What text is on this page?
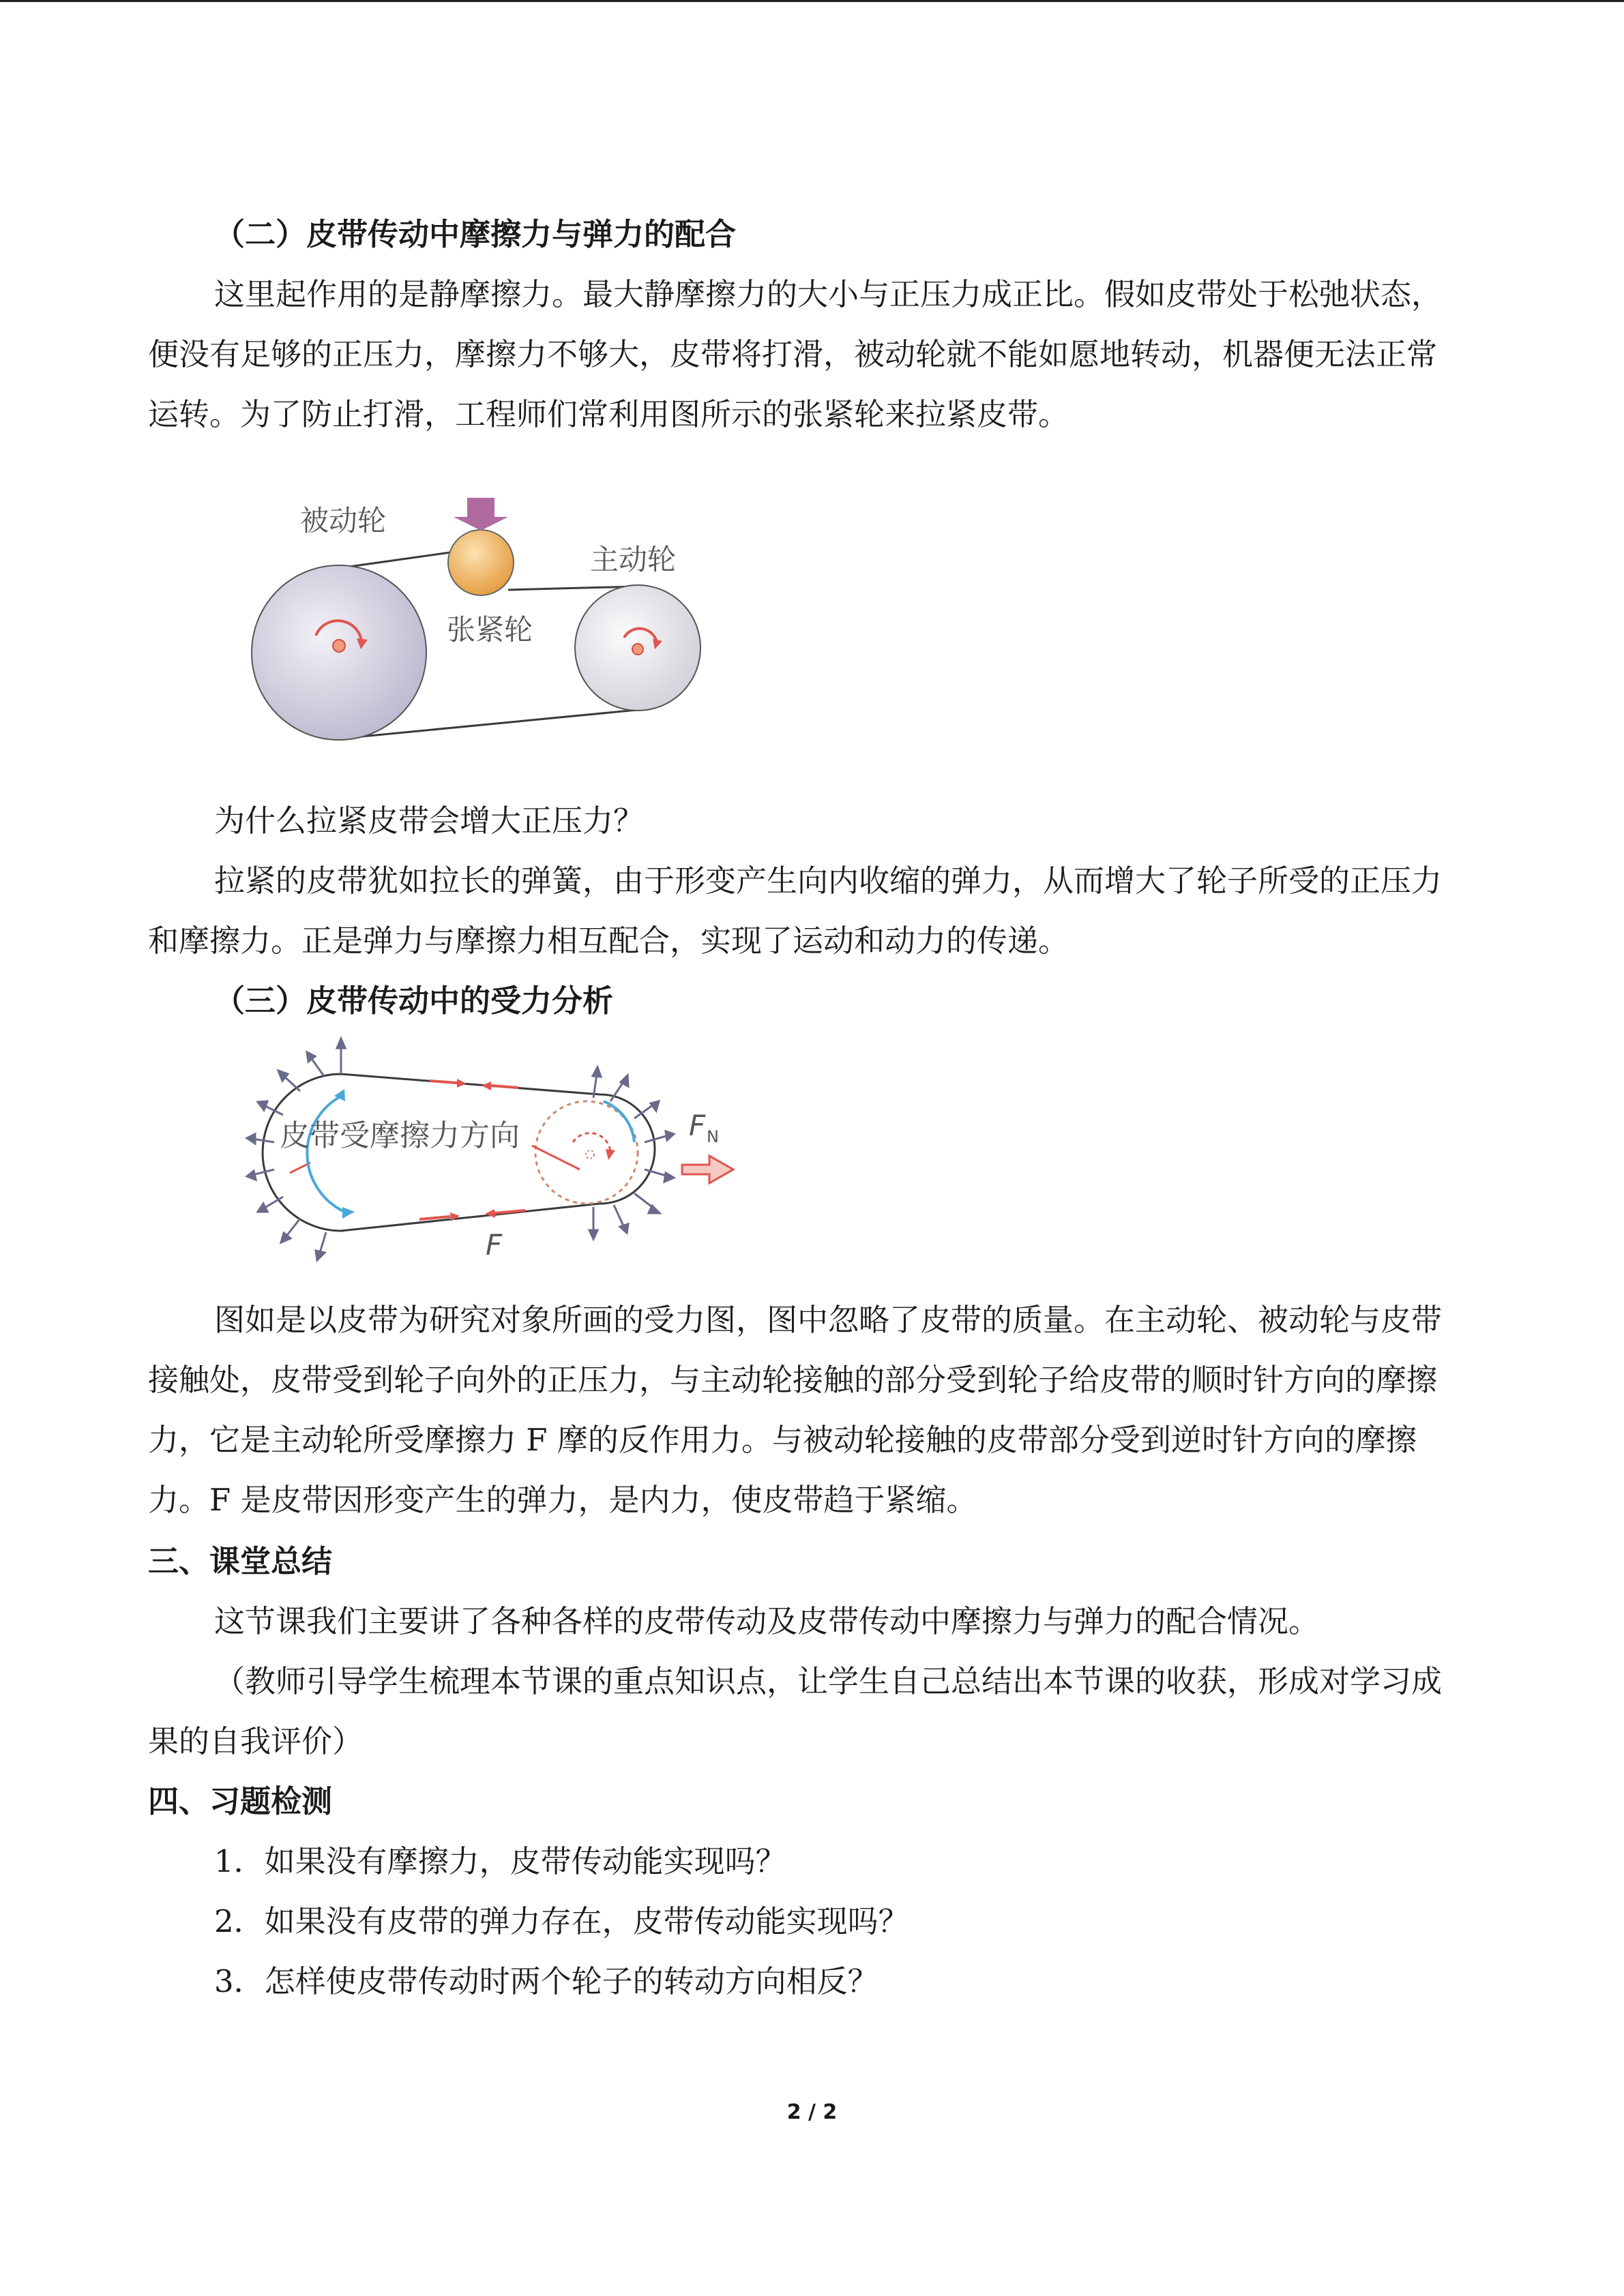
（二）皮带传动中摩擦力与弹力的配合

这里起作用的是静摩擦力。最大静摩擦力的大小与正压力成正比。假如皮带处于松弛状态，便没有足够的正压力，摩擦力不够大，皮带将打滑，被动轮就不能如愿地转动，机器便无法正常运转。为了防止打滑，工程师们常利用图所示的张紧轮来拉紧皮带。

被动轮
主动轮
张紧轮

为什么拉紧皮带会增大正压力？

拉紧的皮带犹如拉长的弹簧，由于形变产生向内收缩的弹力，从而增大了轮子所受的正压力和摩擦力。正是弹力与摩擦力相互配合，实现了运动和动力的传递。

（三）皮带传动中的受力分析

皮带受摩擦力方向	F N
F

图如是以皮带为研究对象所画的受力图，图中忽略了皮带的质量。在主动轮、被动轮与皮带接触处，皮带受到轮子向外的正压力，与主动轮接触的部分受到轮子给皮带的顺时针方向的摩擦力，它是主动轮所受摩擦力 F 摩的反作用力。与被动轮接触的皮带部分受到逆时针方向的摩擦力。F 是皮带因形变产生的弹力，是内力，使皮带趋于紧缩。

三、课堂总结

这节课我们主要讲了各种各样的皮带传动及皮带传动中摩擦力与弹力的配合情况。

（教师引导学生梳理本节课的重点知识点，让学生自己总结出本节课的收获，形成对学习成果的自我评价）

四、习题检测

1．如果没有摩擦力，皮带传动能实现吗？

2．如果没有皮带的弹力存在，皮带传动能实现吗？

3．怎样使皮带传动时两个轮子的转动方向相反？

2 / 2
